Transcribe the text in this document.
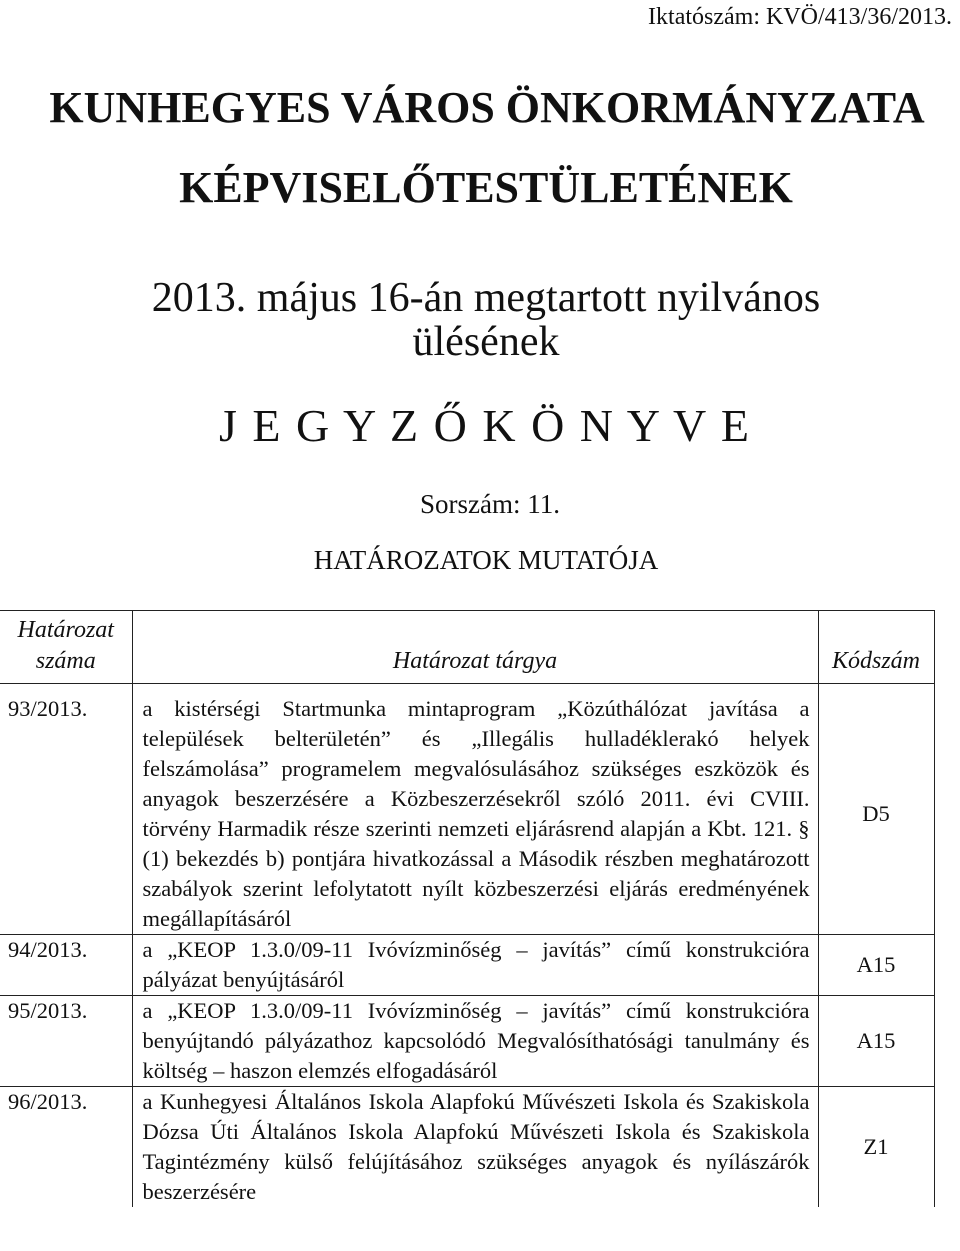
Iktatószám: KVÖ/413/36/2013.
KUNHEGYES VÁROS ÖNKORMÁNYZATA
KÉPVISELŐTESTÜLETÉNEK
2013. május 16-án megtartott nyilvános
ülésének
J E G Y Z Ő K Ö N Y V E
Sorszám: 11.
HATÁROZATOK MUTATÓJA
Határozat
száma	Határozat tárgya	Kódszám
93/2013.	a kistérségi Startmunka mintaprogram „Közúthálózat javítása a települések belterületén” és „Illegális hulladéklerakó helyek felszámolása” programelem megvalósulásához szükséges eszközök és anyagok beszerzésére a Közbeszerzésekről szóló 2011. évi CVIII. törvény Harmadik része szerinti nemzeti eljárásrend alapján a Kbt. 121. § (1) bekezdés b) pontjára hivatkozással a Második részben meghatározott szabályok szerint lefolytatott nyílt közbeszerzési eljárás eredményének megállapításáról	D5
94/2013.	a „KEOP 1.3.0/09-11 Ivóvízminőség – javítás” című konstrukcióra pályázat benyújtásáról	A15
95/2013.	a „KEOP 1.3.0/09-11 Ivóvízminőség – javítás” című konstrukcióra benyújtandó pályázathoz kapcsolódó Megvalósíthatósági tanulmány és költség – haszon elemzés elfogadásáról	A15
96/2013.	a Kunhegyesi Általános Iskola Alapfokú Művészeti Iskola és Szakiskola Dózsa Úti Általános Iskola Alapfokú Művészeti Iskola és Szakiskola Tagintézmény külső felújításához szükséges anyagok és nyílászárók beszerzésére	Z1
